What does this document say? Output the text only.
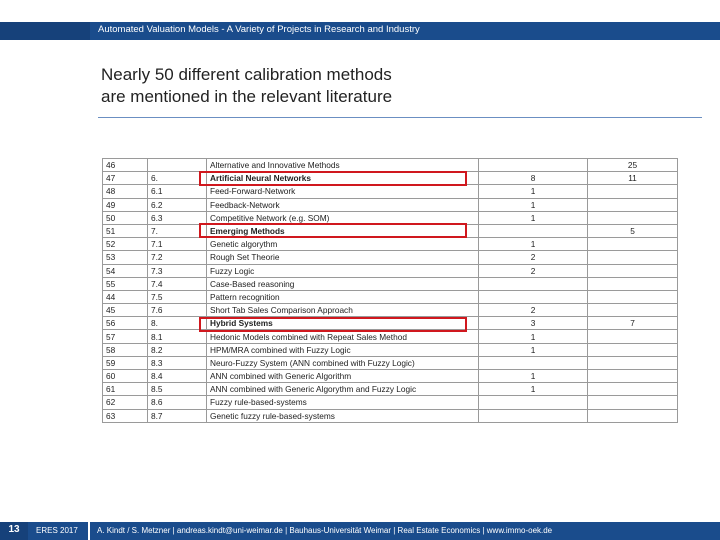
Automated Valuation Models - A Variety of Projects in Research and Industry
Nearly 50 different calibration methods
are mentioned in the relevant literature
46		Alternative and Innovative Methods		25
47	6.	Artificial Neural Networks	8	11
48	6.1	Feed-Forward-Network	1	
49	6.2	Feedback-Network	1	
50	6.3	Competitive Network (e.g. SOM)	1	
51	7.	Emerging Methods		5
52	7.1	Genetic algorythm	1	
53	7.2	Rough Set Theorie	2	
54	7.3	Fuzzy Logic	2	
55	7.4	Case-Based reasoning		
44	7.5	Pattern recognition		
45	7.6	Short Tab Sales Comparison Approach	2	
56	8.	Hybrid Systems	3	7
57	8.1	Hedonic Models combined with Repeat Sales Method	1	
58	8.2	HPM/MRA combined with Fuzzy Logic	1	
59	8.3	Neuro-Fuzzy System (ANN combined with Fuzzy Logic)		
60	8.4	ANN combined with Generic Algorithm	1	
61	8.5	ANN combined with Generic Algorythm and Fuzzy Logic	1	
62	8.6	Fuzzy rule-based-systems		
63	8.7	Genetic fuzzy rule-based-systems		
13	ERES 2017 A. Kindt / S. Metzner | andreas.kindt@uni-weimar.de | Bauhaus-Universität Weimar | Real Estate Economics | www.immo-oek.de
